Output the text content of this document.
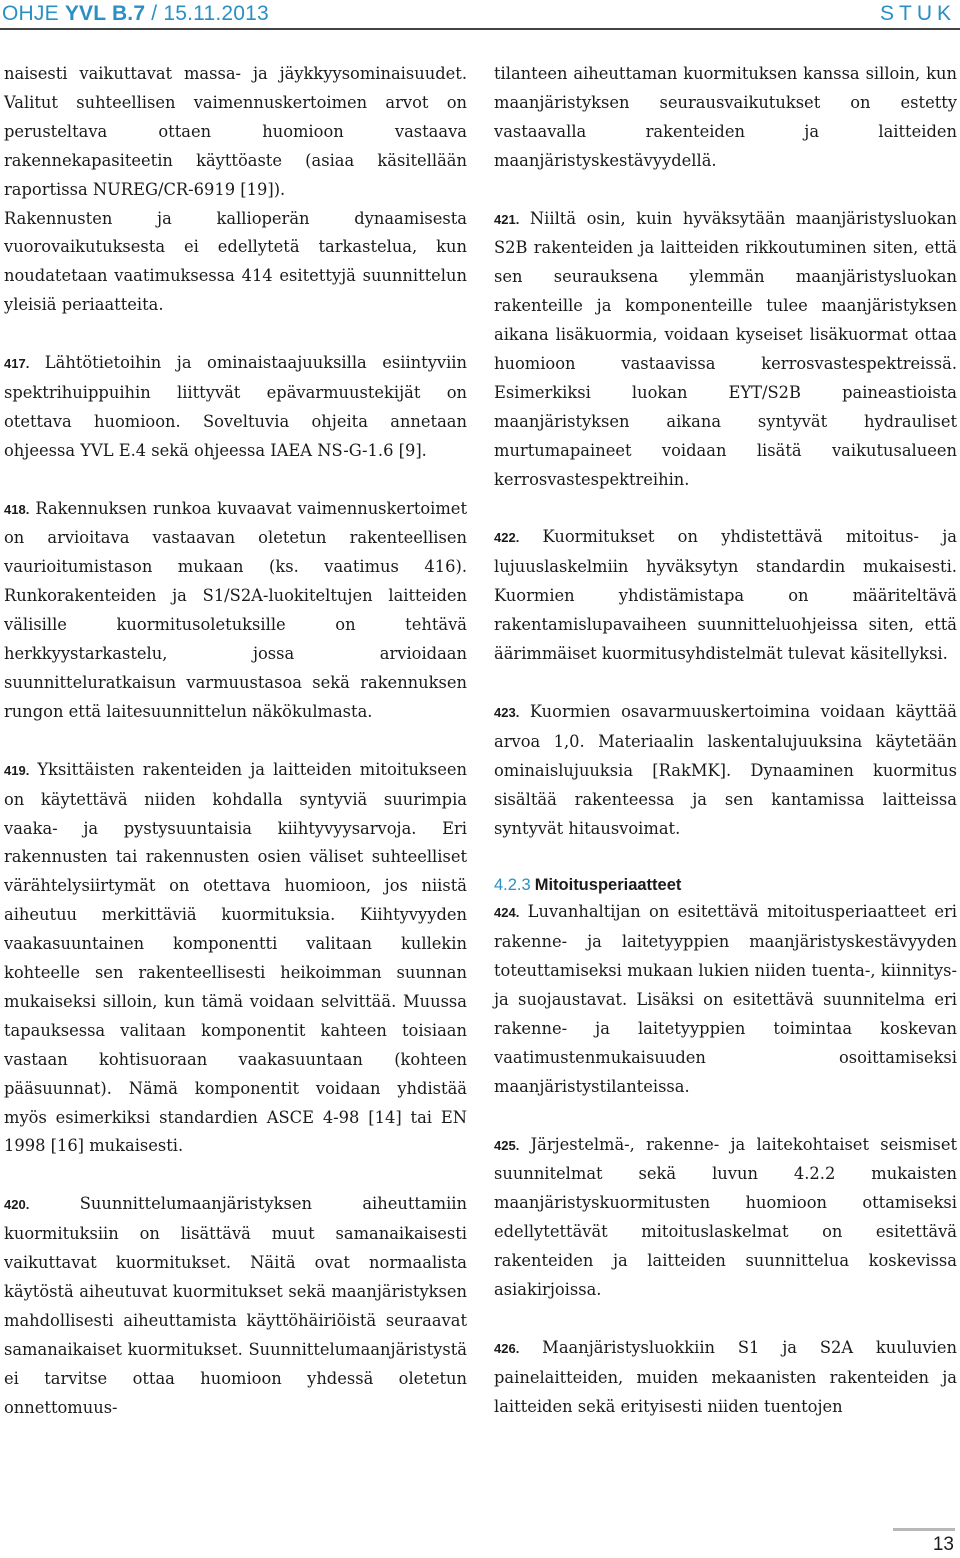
OHJE YVL B.7 / 15.11.2013	STUK

naisesti vaikuttavat massa- ja jäykkyysominaisuudet. Valitut suhteellisen vaimennuskertoimen arvot on perusteltava ottaen huomioon vastaava rakennekapasiteetin käyttöaste (asiaa käsitellään raportissa NUREG/CR-6919 [19]).

Rakennusten ja kallioperän dynaamisesta vuorovaikutuksesta ei edellytetä tarkastelua, kun noudatetaan vaatimuksessa 414 esitettyjä suunnittelun yleisiä periaatteita.

417. Lähtötietoihin ja ominaistaajuuksilla esiintyviin spektrihuippuihin liittyvät epävarmuustekijät on otettava huomioon. Soveltuvia ohjeita annetaan ohjeessa YVL E.4 sekä ohjeessa IAEA NS-G-1.6 [9].

418. Rakennuksen runkoa kuvaavat vaimennuskertoimet on arvioitava vastaavan oletetun rakenteellisen vaurioitumistason mukaan (ks. vaatimus 416). Runkorakenteiden ja S1/S2A-luokiteltujen laitteiden välisille kuormitusoletuksille on tehtävä herkkyystarkastelu, jossa arvioidaan suunnitteluratkaisun varmuustasoa sekä rakennuksen rungon että laitesuunnittelun näkökulmasta.

419. Yksittäisten rakenteiden ja laitteiden mitoitukseen on käytettävä niiden kohdalla syntyviä suurimpia vaaka- ja pystysuuntaisia kiihtyvyysarvoja. Eri rakennusten tai rakennusten osien väliset suhteelliset värähtelysiirtymät on otettava huomioon, jos niistä aiheutuu merkittäviä kuormituksia. Kiihtyvyyden vaakasuuntainen komponentti valitaan kullekin kohteelle sen rakenteellisesti heikoimman suunnan mukaiseksi silloin, kun tämä voidaan selvittää. Muussa tapauksessa valitaan komponentit kahteen toisiaan vastaan kohtisuoraan vaakasuuntaan (kohteen pääsuunnat). Nämä komponentit voidaan yhdistää myös esimerkiksi standardien ASCE 4-98 [14] tai EN 1998 [16] mukaisesti.

420. Suunnittelumaanjäristyksen aiheuttamiin kuormituksiin on lisättävä muut samanaikaisesti vaikuttavat kuormitukset. Näitä ovat normaalista käytöstä aiheutuvat kuormitukset sekä maanjäristyksen mahdollisesti aiheuttamista käyttöhäiriöistä seuraavat samanaikaiset kuormitukset. Suunnittelumaanjäristystä ei tarvitse ottaa huomioon yhdessä oletetun onnettomuus-

tilanteen aiheuttaman kuormituksen kanssa silloin, kun maanjäristyksen seurausvaikutukset on estetty vastaavalla rakenteiden ja laitteiden maanjäristyskestävyydellä.

421. Niiltä osin, kuin hyväksytään maanjäristysluokan S2B rakenteiden ja laitteiden rikkoutuminen siten, että sen seurauksena ylemmän maanjäristysluokan rakenteille ja komponenteille tulee maanjäristyksen aikana lisäkuormia, voidaan kyseiset lisäkuormat ottaa huomioon vastaavissa kerrosvastespektreissä. Esimerkiksi luokan EYT/S2B paineastioista maanjäristyksen aikana syntyvät hydrauliset murtumapaineet voidaan lisätä vaikutusalueen kerrosvastespektreihin.

422. Kuormitukset on yhdistettävä mitoitus- ja lujuuslaskelmiin hyväksytyn standardin mukaisesti. Kuormien yhdistämistapa on määriteltävä rakentamislupavaiheen suunnitteluohjeissa siten, että äärimmäiset kuormitusyhdistelmät tulevat käsitellyksi.

423. Kuormien osavarmuuskertoimina voidaan käyttää arvoa 1,0. Materiaalin laskentalujuuksina käytetään ominaislujuuksia [RakMK]. Dynaaminen kuormitus sisältää rakenteessa ja sen kantamissa laitteissa syntyvät hitausvoimat.

4.2.3 Mitoitusperiaatteet

424. Luvanhaltijan on esitettävä mitoitusperiaatteet eri rakenne- ja laitetyyppien maanjäristyskestävyyden toteuttamiseksi mukaan lukien niiden tuenta-, kiinnitys- ja suojaustavat. Lisäksi on esitettävä suunnitelma eri rakenne- ja laitetyyppien toimintaa koskevan vaatimustenmukaisuuden osoittamiseksi maanjäristystilanteissa.

425. Järjestelmä-, rakenne- ja laitekohtaiset seismiset suunnitelmat sekä luvun 4.2.2 mukaisten maanjäristyskuormitusten huomioon ottamiseksi edellytettävät mitoituslaskelmat on esitettävä rakenteiden ja laitteiden suunnittelua koskevissa asiakirjoissa.

426. Maanjäristysluokkiin S1 ja S2A kuuluvien painelaitteiden, muiden mekaanisten rakenteiden ja laitteiden sekä erityisesti niiden tuentojen

13
